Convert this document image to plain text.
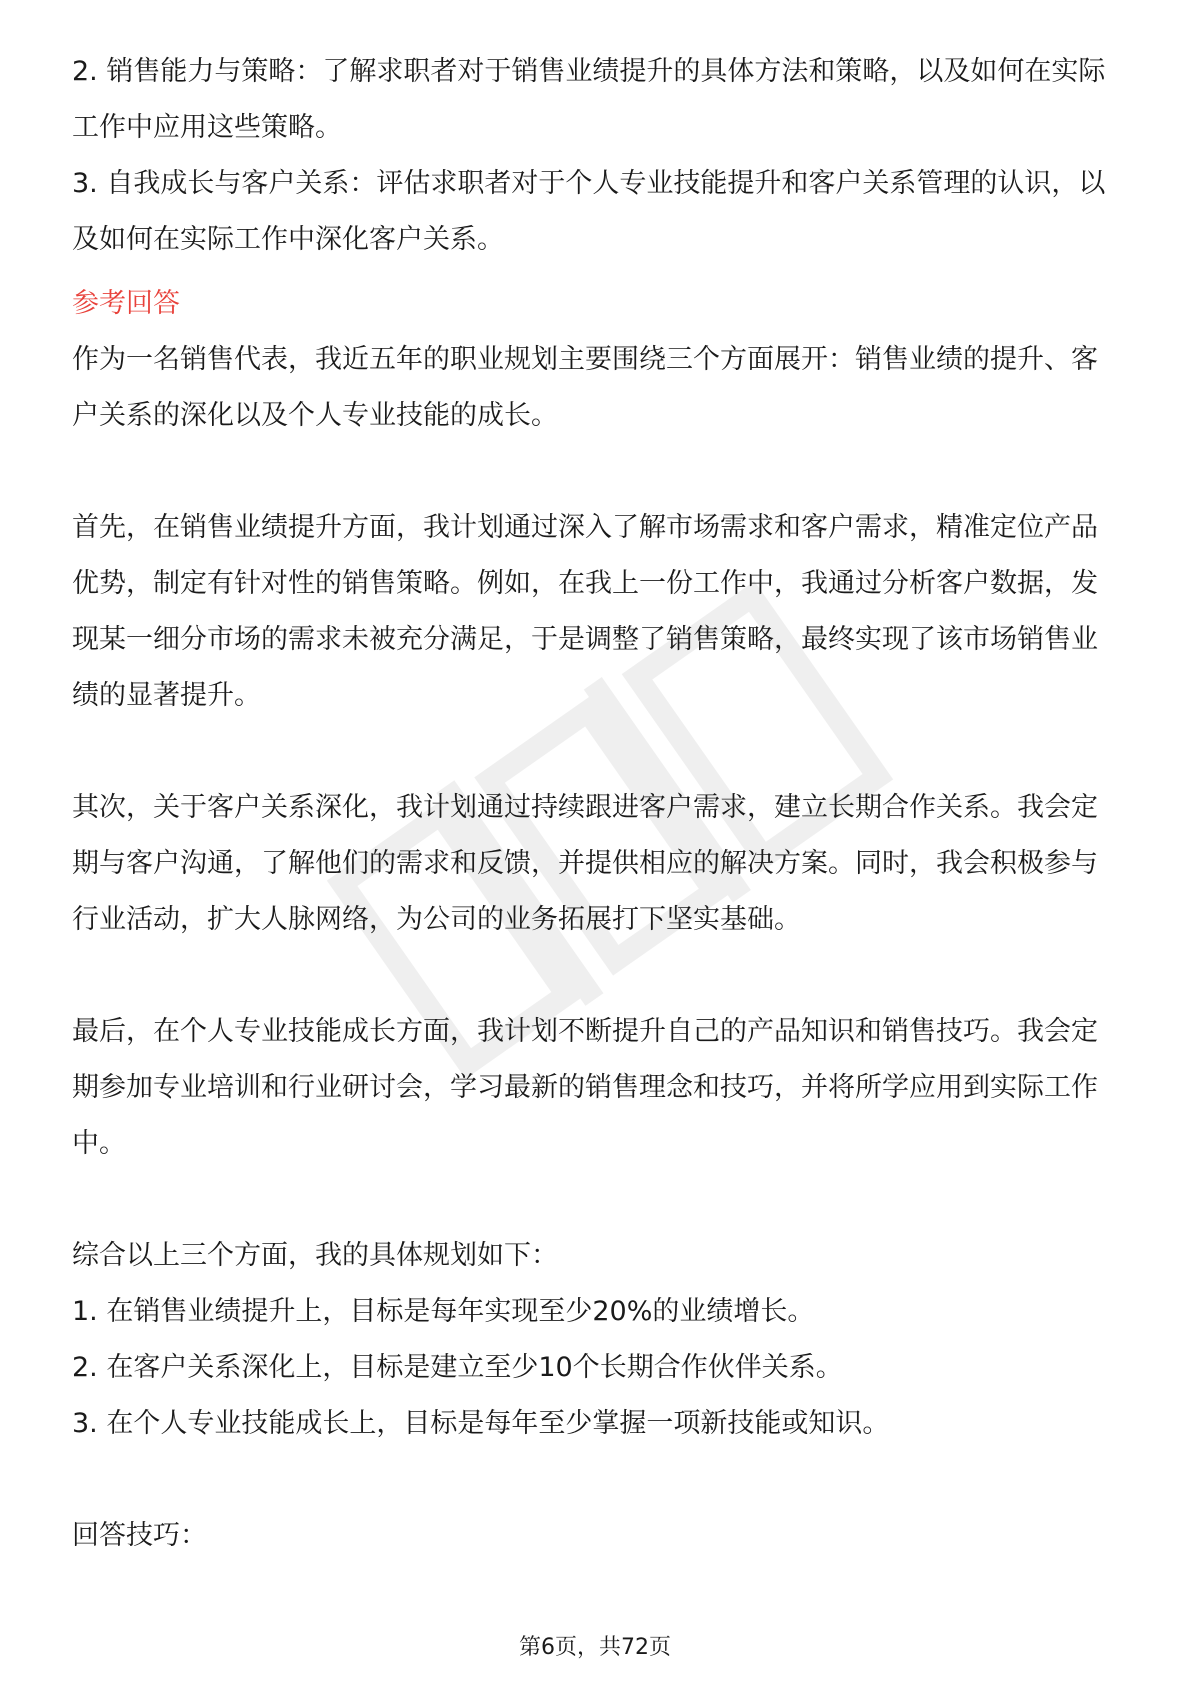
2. 销售能力与策略：了解求职者对于销售业绩提升的具体方法和策略，以及如何在实际工作中应用这些策略。

3. 自我成长与客户关系：评估求职者对于个人专业技能提升和客户关系管理的认识，以及如何在实际工作中深化客户关系。

参考回答

作为一名销售代表，我近五年的职业规划主要围绕三个方面展开：销售业绩的提升、客户关系的深化以及个人专业技能的成长。

首先，在销售业绩提升方面，我计划通过深入了解市场需求和客户需求，精准定位产品优势，制定有针对性的销售策略。例如，在我上一份工作中，我通过分析客户数据，发现某一细分市场的需求未被充分满足，于是调整了销售策略，最终实现了该市场销售业绩的显著提升。

其次，关于客户关系深化，我计划通过持续跟进客户需求，建立长期合作关系。我会定期与客户沟通，了解他们的需求和反馈，并提供相应的解决方案。同时，我会积极参与行业活动，扩大人脉网络，为公司的业务拓展打下坚实基础。

最后，在个人专业技能成长方面，我计划不断提升自己的产品知识和销售技巧。我会定期参加专业培训和行业研讨会，学习最新的销售理念和技巧，并将所学应用到实际工作中。

综合以上三个方面，我的具体规划如下：

1. 在销售业绩提升上，目标是每年实现至少20%的业绩增长。

2. 在客户关系深化上，目标是建立至少10个长期合作伙伴关系。

3. 在个人专业技能成长上，目标是每年至少掌握一项新技能或知识。

回答技巧：

第6页，共72页
